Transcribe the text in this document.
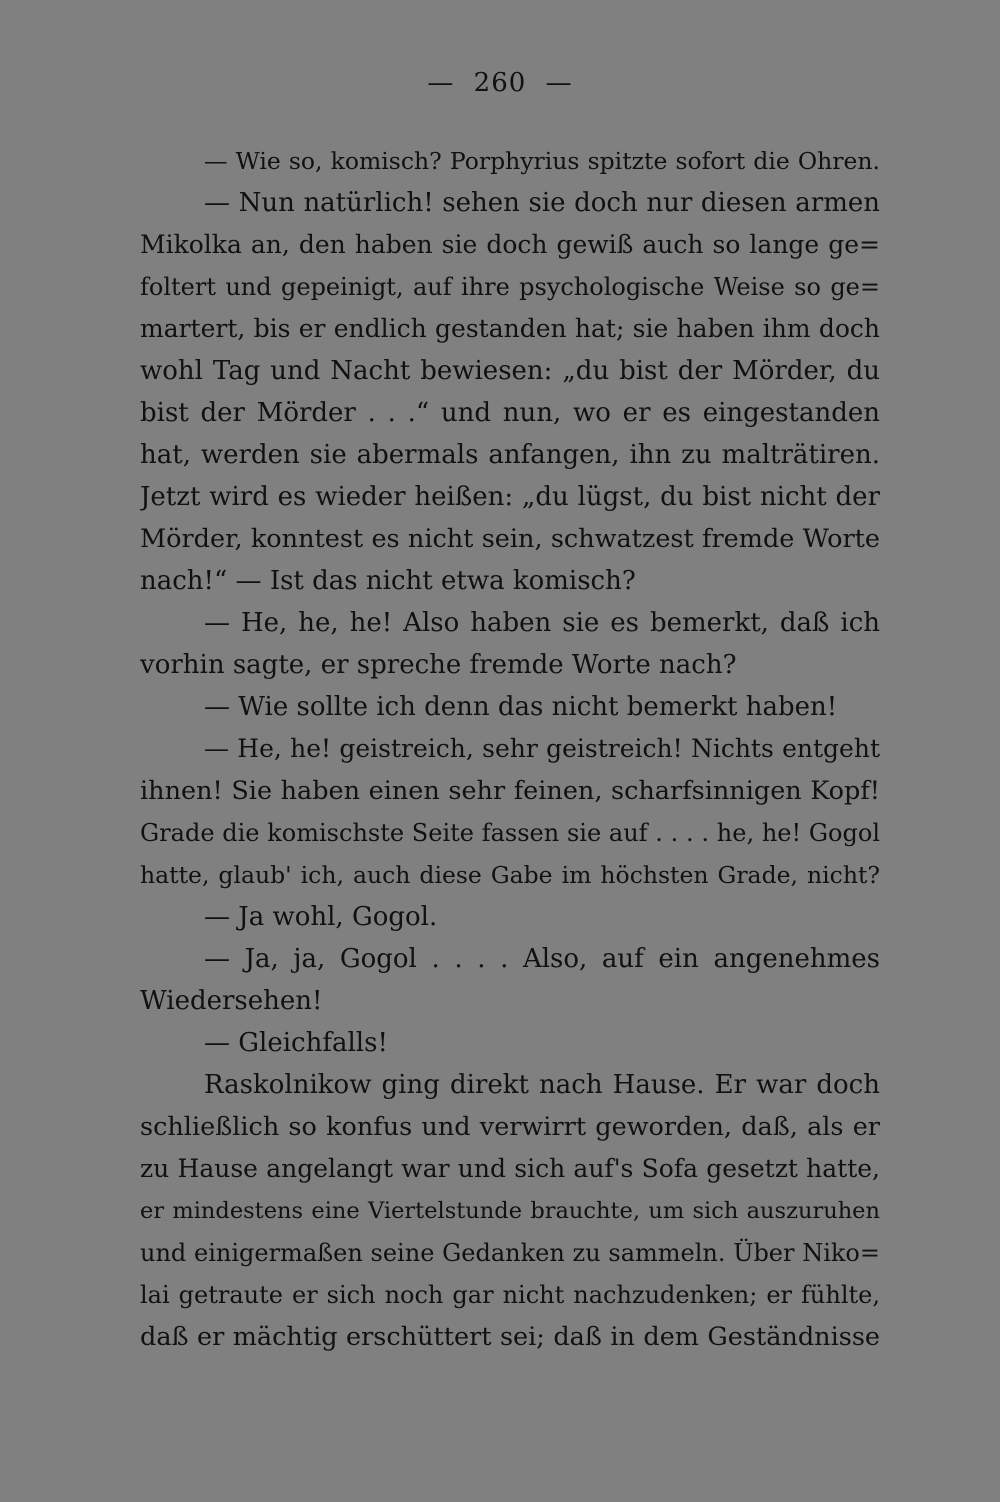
— 260 —
— Wie so, komisch? Porphyrius spitzte sofort die Ohren.
— Nun natürlich! sehen sie doch nur diesen armen
Mikolka an, den haben sie doch gewiß auch so lange ge=
foltert und gepeinigt, auf ihre psychologische Weise so ge=
martert, bis er endlich gestanden hat; sie haben ihm doch
wohl Tag und Nacht bewiesen: „du bist der Mörder, du
bist der Mörder . . .“ und nun, wo er es eingestanden
hat, werden sie abermals anfangen, ihn zu malträtiren.
Jetzt wird es wieder heißen: „du lügst, du bist nicht der
Mörder, konntest es nicht sein, schwatzest fremde Worte
nach!“ — Ist das nicht etwa komisch?
— He, he, he! Also haben sie es bemerkt, daß ich
vorhin sagte, er spreche fremde Worte nach?
— Wie sollte ich denn das nicht bemerkt haben!
— He, he! geistreich, sehr geistreich! Nichts entgeht
ihnen! Sie haben einen sehr feinen, scharfsinnigen Kopf!
Grade die komischste Seite fassen sie auf . . . . he, he! Gogol
hatte, glaub' ich, auch diese Gabe im höchsten Grade, nicht?
— Ja wohl, Gogol.
— Ja, ja, Gogol . . . . Also, auf ein angenehmes
Wiedersehen!
— Gleichfalls!
Raskolnikow ging direkt nach Hause. Er war doch
schließlich so konfus und verwirrt geworden, daß, als er
zu Hause angelangt war und sich auf's Sofa gesetzt hatte,
er mindestens eine Viertelstunde brauchte, um sich auszuruhen
und einigermaßen seine Gedanken zu sammeln. Über Niko=
lai getraute er sich noch gar nicht nachzudenken; er fühlte,
daß er mächtig erschüttert sei; daß in dem Geständnisse
